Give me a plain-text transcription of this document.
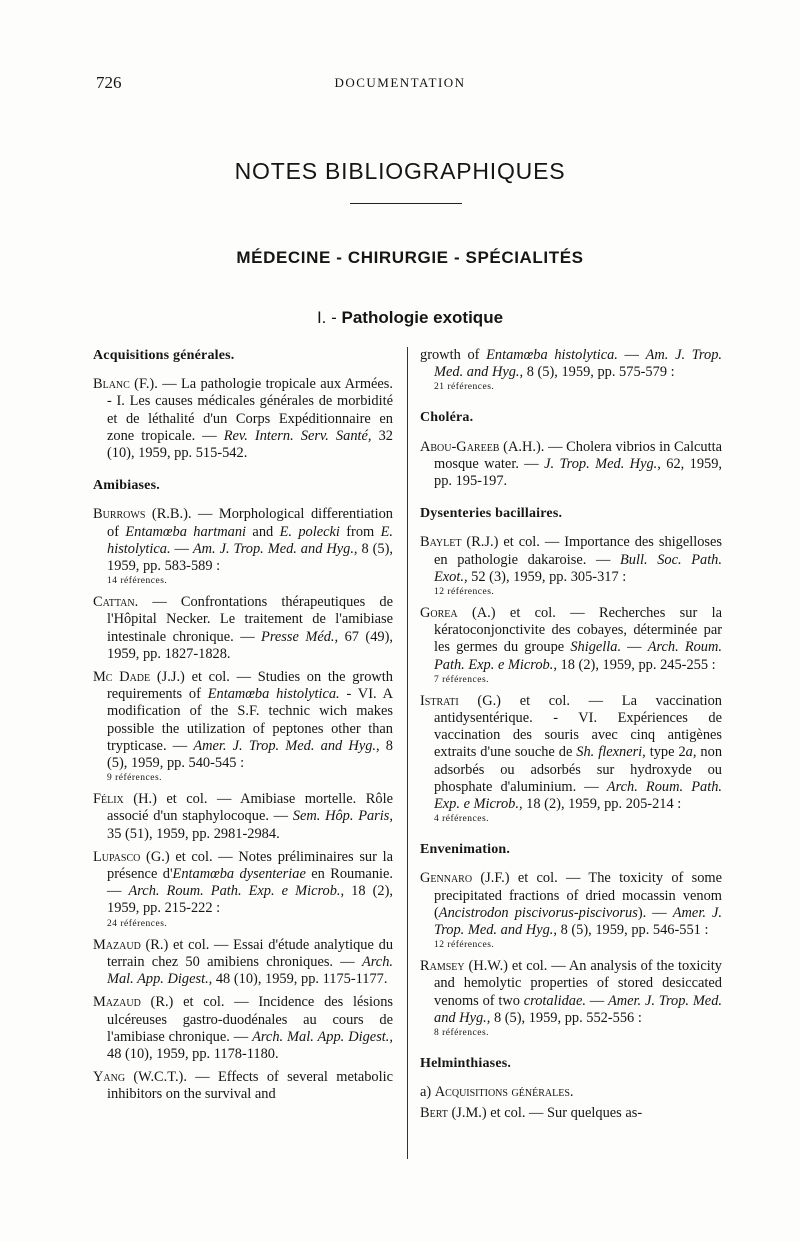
726	DOCUMENTATION
NOTES BIBLIOGRAPHIQUES
MÉDECINE - CHIRURGIE - SPÉCIALITÉS
I. - Pathologie exotique
Acquisitions générales.
Blanc (F.). — La pathologie tropicale aux Armées. - I. Les causes médicales générales de morbidité et de léthalité d'un Corps Expéditionnaire en zone tropicale. — Rev. Intern. Serv. Santé, 32 (10), 1959, pp. 515-542.
Amibiases.
Burrows (R.B.). — Morphological differentiation of Entamœba hartmani and E. polecki from E. histolytica. — Am. J. Trop. Med. and Hyg., 8 (5), 1959, pp. 583-589 :
14 références.
Cattan. — Confrontations thérapeutiques de l'Hôpital Necker. Le traitement de l'amibiase intestinale chronique. — Presse Méd., 67 (49), 1959, pp. 1827-1828.
Mc Dade (J.J.) et col. — Studies on the growth requirements of Entamœba histolytica. - VI. A modification of the S.F. technic wich makes possible the utilization of peptones other than trypticase. — Amer. J. Trop. Med. and Hyg., 8 (5), 1959, pp. 540-545 :
9 références.
Félix (H.) et col. — Amibiase mortelle. Rôle associé d'un staphylocoque. — Sem. Hôp. Paris, 35 (51), 1959, pp. 2981-2984.
Lupasco (G.) et col. — Notes préliminaires sur la présence d'Entamœba dysenteriae en Roumanie. — Arch. Roum. Path. Exp. e Microb., 18 (2), 1959, pp. 215-222 :
24 références.
Mazaud (R.) et col. — Essai d'étude analytique du terrain chez 50 amibiens chroniques. — Arch. Mal. App. Digest., 48 (10), 1959, pp. 1175-1177.
Mazaud (R.) et col. — Incidence des lésions ulcéreuses gastro-duodénales au cours de l'amibiase chronique. — Arch. Mal. App. Digest., 48 (10), 1959, pp. 1178-1180.
Yang (W.C.T.). — Effects of several metabolic inhibitors on the survival and
growth of Entamœba histolytica. — Am. J. Trop. Med. and Hyg., 8 (5), 1959, pp. 575-579 :
21 références.
Choléra.
Abou-Gareeb (A.H.). — Cholera vibrios in Calcutta mosque water. — J. Trop. Med. Hyg., 62, 1959, pp. 195-197.
Dysenteries bacillaires.
Baylet (R.J.) et col. — Importance des shigelloses en pathologie dakaroise. — Bull. Soc. Path. Exot., 52 (3), 1959, pp. 305-317 :
12 références.
Gorea (A.) et col. — Recherches sur la kératoconjonctivite des cobayes, déterminée par les germes du groupe Shigella. — Arch. Roum. Path. Exp. e Microb., 18 (2), 1959, pp. 245-255 :
7 références.
Istrati (G.) et col. — La vaccination antidysentérique. - VI. Expériences de vaccination des souris avec cinq antigènes extraits d'une souche de Sh. flexneri, type 2a, non adsorbés ou adsorbés sur hydroxyde ou phosphate d'aluminium. — Arch. Roum. Path. Exp. e Microb., 18 (2), 1959, pp. 205-214 :
4 références.
Envenimation.
Gennaro (J.F.) et col. — The toxicity of some precipitated fractions of dried mocassin venom (Ancistrodon piscivorus-piscivorus). — Amer. J. Trop. Med. and Hyg., 8 (5), 1959, pp. 546-551 :
12 références.
Ramsey (H.W.) et col. — An analysis of the toxicity and hemolytic properties of stored desiccated venoms of two crotalidae. — Amer. J. Trop. Med. and Hyg., 8 (5), 1959, pp. 552-556 :
8 références.
Helminthiases.
a) Acquisitions générales.
Bert (J.M.) et col. — Sur quelques as-
